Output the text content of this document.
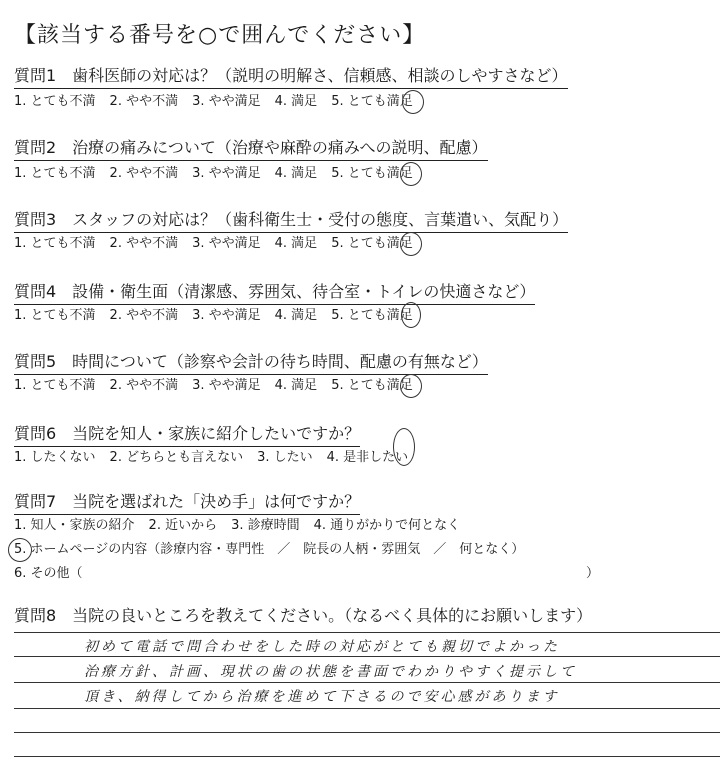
【該当する番号を○で囲んでください】
質問1　歯科医師の対応は？（説明の明解さ、信頼感、相談のしやすさなど）
1. とても不満 2. やや不満 3. やや満足 4. 満足 5. とても満足
質問2　治療の痛みについて（治療や麻酔の痛みへの説明、配慮）
1. とても不満 2. やや不満 3. やや満足 4. 満足 5. とても満足
質問3　スタッフの対応は？（歯科衛生士・受付の態度、言葉遣い、気配り）
1. とても不満 2. やや不満 3. やや満足 4. 満足 5. とても満足
質問4　設備・衛生面（清潔感、雰囲気、待合室・トイレの快適さなど）
1. とても不満 2. やや不満 3. やや満足 4. 満足 5. とても満足
質問5　時間について（診察や会計の待ち時間、配慮の有無など）
1. とても不満 2. やや不満 3. やや満足 4. 満足 5. とても満足
質問6　当院を知人・家族に紹介したいですか？
1. したくない 2. どちらとも言えない 3. したい 4. 是非したい
質問7　当院を選ばれた「決め手」は何ですか？
1. 知人・家族の紹介 2. 近いから 3. 診療時間 4. 通りがかりで何となく
5. ホームページの内容（診療内容・専門性　／　院長の人柄・雰囲気　／　何となく）
6. その他（	）
質問8　当院の良いところを教えてください。（なるべく具体的にお願いします）
初めて電話で問合わせをした時の対応がとても親切でよかった
治療方針、計画、現状の歯の状態を書面でわかりやすく提示して
頂き、納得してから治療を進めて下さるので安心感があります
